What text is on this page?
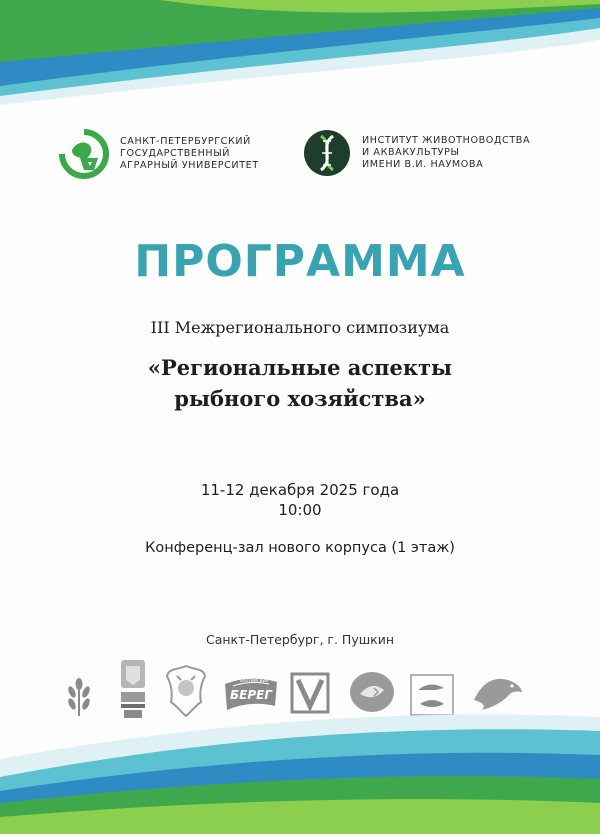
САНКТ-ПЕТЕРБУРГСКИЙ
ГОСУДАРСТВЕННЫЙ
АГРАРНЫЙ УНИВЕРСИТЕТ
ИНСТИТУТ ЖИВОТНОВОДСТВА
И АКВАКУЛЬТУРЫ
ИМЕНИ В.И. НАУМОВА
ПРОГРАММА
III Межрегионального симпозиума
«Региональные аспекты
рыбного хозяйства»
11-12 декабря 2025 года
10:00
Конференц-зал нового корпуса (1 этаж)
Санкт-Петербург, г. Пушкин
БЕРЕГ
БАЛТИЙСКИЙ
